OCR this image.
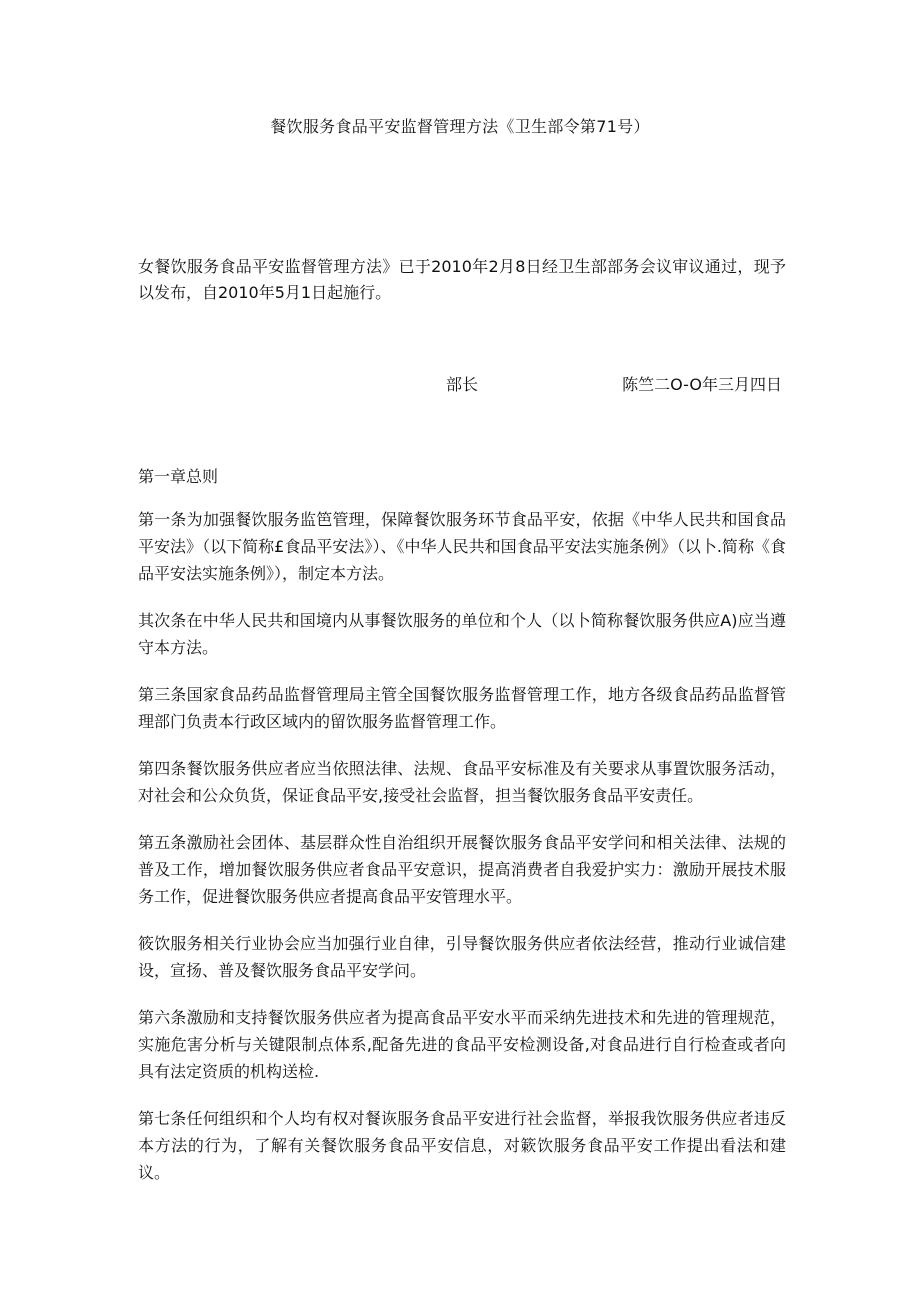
餐饮服务食品平安监督管理方法《卫生部令第71号）
女餐饮服务食品平安监督管理方法》已于2010年2月8日经卫生部部务会议审议通过，现予以发布，自2010年5月1日起施行。
部长	陈竺二O-O年三月四日
第一章总则

第一条为加强餐饮服务监笆管理，保障餐饮服务环节食品平安，依据《中华人民共和国食品平安法》（以下简称£食品平安法》）、《中华人民共和国食品平安法实施条例》（以卜.简称《食品平安法实施条例》），制定本方法。

其次条在中华人民共和国境内从事餐饮服务的单位和个人（以卜简称餐饮服务供应A)应当遵守本方法。

第三条国家食品药品监督管理局主管全国餐饮服务监督管理工作，地方各级食品药品监督管理部门负责本行政区域内的留饮服务监督管理工作。

第四条餐饮服务供应者应当依照法律、法规、食品平安标准及有关要求从事置饮服务活动，对社会和公众负货，保证食品平安,接受社会监督，担当餐饮服务食品平安责任。

第五条激励社会团体、基层群众性自治组织开展餐饮服务食品平安学问和相关法律、法规的普及工作，增加餐饮服务供应者食品平安意识，提高消费者自我爱护实力：激励开展技术服务工作，促进餐饮服务供应者提高食品平安管理水平。

筱饮服务相关行业协会应当加强行业自律，引导餐饮服务供应者依法经营，推动行业诚信建设，宣扬、普及餐饮服务食品平安学问。

第六条激励和支持餐饮服务供应者为提高食品平安水平而采纳先进技术和先进的管理规范，实施危害分析与关键限制点体系,配备先进的食品平安检测设备,对食品进行自行检查或者向具有法定资质的机构送检.

第七条任何组织和个人均有权对餐诙服务食品平安进行社会监督，举报我饮服务供应者违反本方法的行为，了解有关餐饮服务食品平安信息，对簌饮服务食品平安工作提出看法和建议。
